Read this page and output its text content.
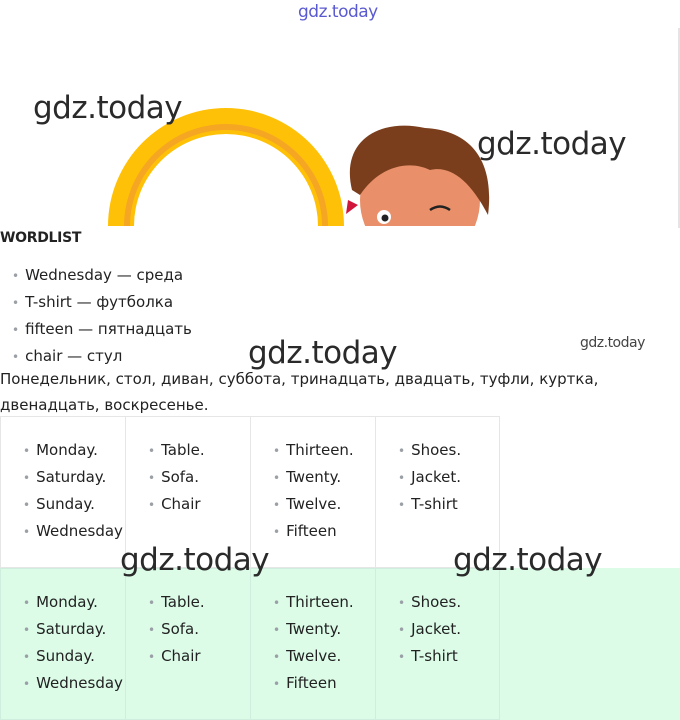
gdz.today
gdz.today
gdz.today
WORDLIST
• Wednesday — среда
• T-shirt — футболка
• fifteen — пятнадцать
• chair — стул
gdz.today
Понедельник, стол, диван, суббота, тринадцать, двадцать, туфли, куртка, двенадцать, воскресенье.
gdz.today
• Monday.
• Saturday.
• Sunday.
• Wednesday
• Table.
• Sofa.
• Chair
• Thirteen.
• Twenty.
• Twelve.
• Fifteen
• Shoes.
• Jacket.
• T-shirt
• Monday.
• Saturday.
• Sunday.
• Wednesday
• Table.
• Sofa.
• Chair
• Thirteen.
• Twenty.
• Twelve.
• Fifteen
• Shoes.
• Jacket.
• T-shirt
gdz.today	gdz.today
